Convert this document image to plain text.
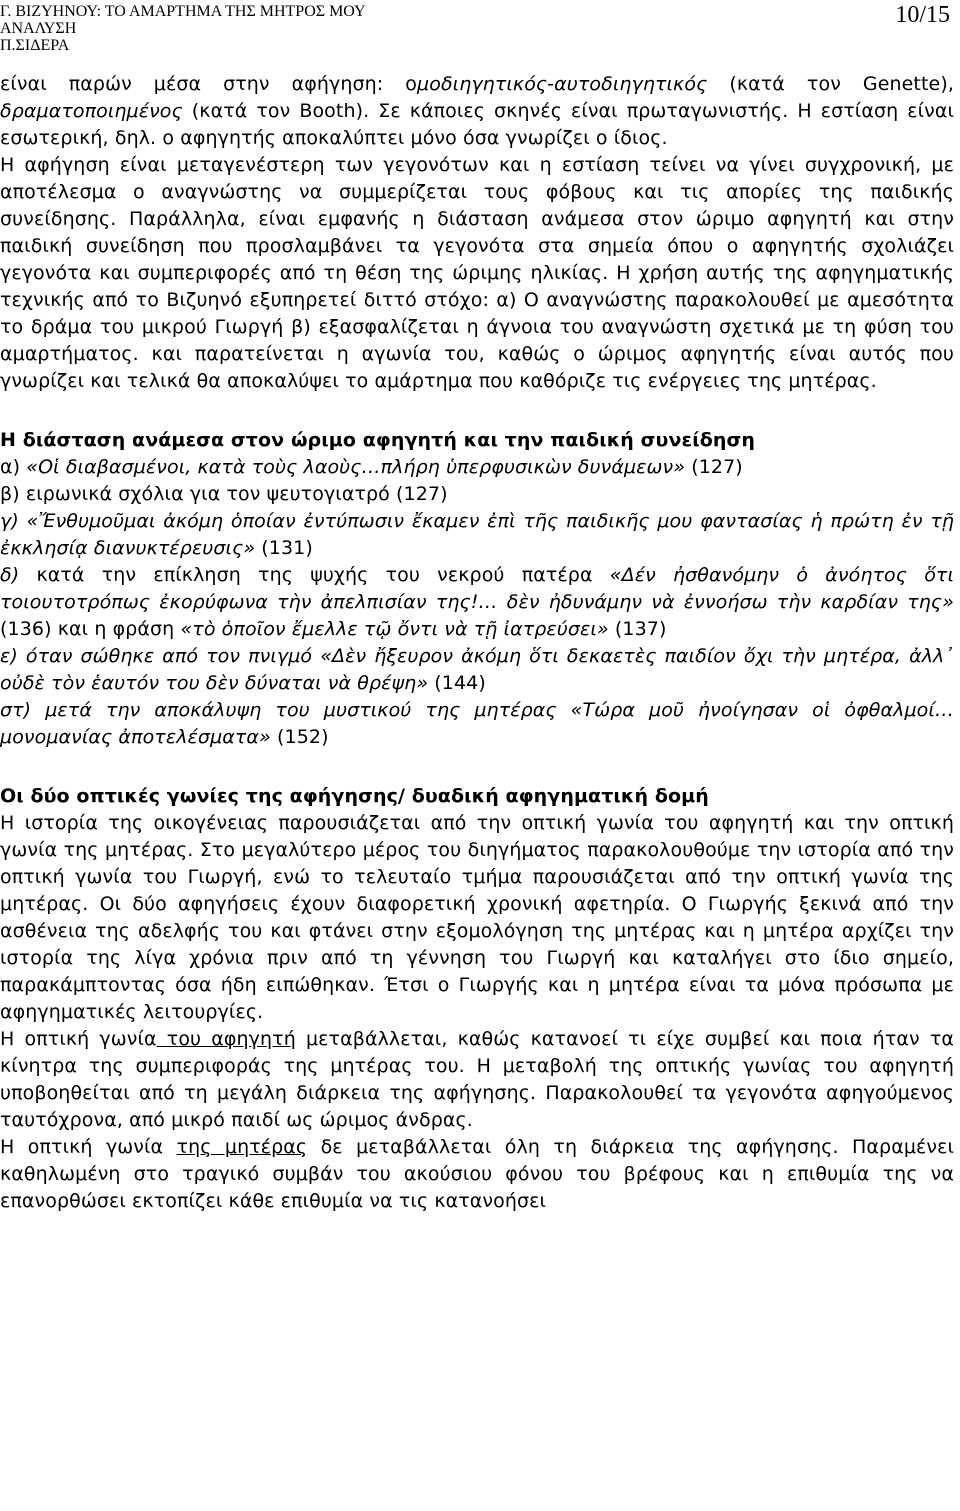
Γ. ΒΙΖΥΗΝΟΥ: ΤΟ ΑΜΑΡΤΗΜΑ ΤΗΣ ΜΗΤΡΟΣ ΜΟΥ
ΑΝΑΛΥΣΗ
Π.ΣΙΔΕΡΑ
10/15

είναι παρών μέσα στην αφήγηση: ομοδιηγητικός-αυτοδιηγητικός (κατά τον Genette), δραματοποιημένος (κατά τον Booth). Σε κάποιες σκηνές είναι πρωταγωνιστής. Η εστίαση είναι εσωτερική, δηλ. ο αφηγητής αποκαλύπτει μόνο όσα γνωρίζει ο ίδιος.

Η αφήγηση είναι μεταγενέστερη των γεγονότων και η εστίαση τείνει να γίνει συγχρονική, με αποτέλεσμα ο αναγνώστης να συμμερίζεται τους φόβους και τις απορίες της παιδικής συνείδησης. Παράλληλα, είναι εμφανής η διάσταση ανάμεσα στον ώριμο αφηγητή και στην παιδική συνείδηση που προσλαμβάνει τα γεγονότα στα σημεία όπου ο αφηγητής σχολιάζει γεγονότα και συμπεριφορές από τη θέση της ώριμης ηλικίας. Η χρήση αυτής της αφηγηματικής τεχνικής από το Βιζυηνό εξυπηρετεί διττό στόχο: α) Ο αναγνώστης παρακολουθεί με αμεσότητα το δράμα του μικρού Γιωργή β) εξασφαλίζεται η άγνοια του αναγνώστη σχετικά με τη φύση του αμαρτήματος. και παρατείνεται η αγωνία του, καθώς ο ώριμος αφηγητής είναι αυτός που γνωρίζει και τελικά θα αποκαλύψει το αμάρτημα που καθόριζε τις ενέργειες της μητέρας.

Η διάσταση ανάμεσα στον ώριμο αφηγητή και την παιδική συνείδηση

α) «Οἱ διαβασμένοι, κατὰ τοὺς λαοὺς…πλήρη ὑπερφυσικὼν δυνάμεων» (127)

β) ειρωνικά σχόλια για τον ψευτογιατρό (127)

γ) «Ἔνθυμοῦμαι ἀκόμη ὁποίαν ἐντύπωσιν ἔκαμεν ἐπὶ τῆς παιδικῆς μου φαντασίας ἡ πρώτη ἐν τῇ ἐκκλησίᾳ διανυκτέρευσις» (131)

δ) κατά την επίκληση της ψυχής του νεκρού πατέρα «Δέν ἠσθανόμην ὁ ἀνόητος ὅτι τοιουτοτρόπως ἐκορύφωνα τὴν ἀπελπισίαν της!… δὲν ἠδυνάμην νὰ ἐννοήσω τὴν καρδίαν της» (136) και η φράση «τὸ ὁποῖον ἔμελλε τῷ ὄντι νὰ τῇ ἰατρεύσει» (137)

ε) όταν σώθηκε από τον πνιγμό «Δὲν ἤξευρον ἀκόμη ὅτι δεκαετὲς παιδίον ὄχι τὴν μητέρα, ἀλλ᾽ οὐδὲ τὸν ἑαυτόν του δὲν δύναται νὰ θρέψη» (144)

στ) μετά την αποκάλυψη του μυστικού της μητέρας «Τώρα μοῦ ἠνοίγησαν οἱ ὀφθαλμοί… μονομανίας ἀποτελέσματα» (152)

Οι δύο οπτικές γωνίες της αφήγησης/ δυαδική αφηγηματική δομή

Η ιστορία της οικογένειας παρουσιάζεται από την οπτική γωνία του αφηγητή και την οπτική γωνία της μητέρας. Στο μεγαλύτερο μέρος του διηγήματος παρακολουθούμε την ιστορία από την οπτική γωνία του Γιωργή, ενώ το τελευταίο τμήμα παρουσιάζεται από την οπτική γωνία της μητέρας. Οι δύο αφηγήσεις έχουν διαφορετική χρονική αφετηρία. Ο Γιωργής ξεκινά από την ασθένεια της αδελφής του και φτάνει στην εξομολόγηση της μητέρας και η μητέρα αρχίζει την ιστορία της λίγα χρόνια πριν από τη γέννηση του Γιωργή και καταλήγει στο ίδιο σημείο, παρακάμπτοντας όσα ήδη ειπώθηκαν. Έτσι ο Γιωργής και η μητέρα είναι τα μόνα πρόσωπα με αφηγηματικές λειτουργίες.

Η οπτική γωνία του αφηγητή μεταβάλλεται, καθώς κατανοεί τι είχε συμβεί και ποια ήταν τα κίνητρα της συμπεριφοράς της μητέρας του. Η μεταβολή της οπτικής γωνίας του αφηγητή υποβοηθείται από τη μεγάλη διάρκεια της αφήγησης. Παρακολουθεί τα γεγονότα αφηγούμενος ταυτόχρονα, από μικρό παιδί ως ώριμος άνδρας.

Η οπτική γωνία της μητέρας δε μεταβάλλεται όλη τη διάρκεια της αφήγησης. Παραμένει καθηλωμένη στο τραγικό συμβάν του ακούσιου φόνου του βρέφους και η επιθυμία της να επανορθώσει εκτοπίζει κάθε επιθυμία να τις κατανοήσει
